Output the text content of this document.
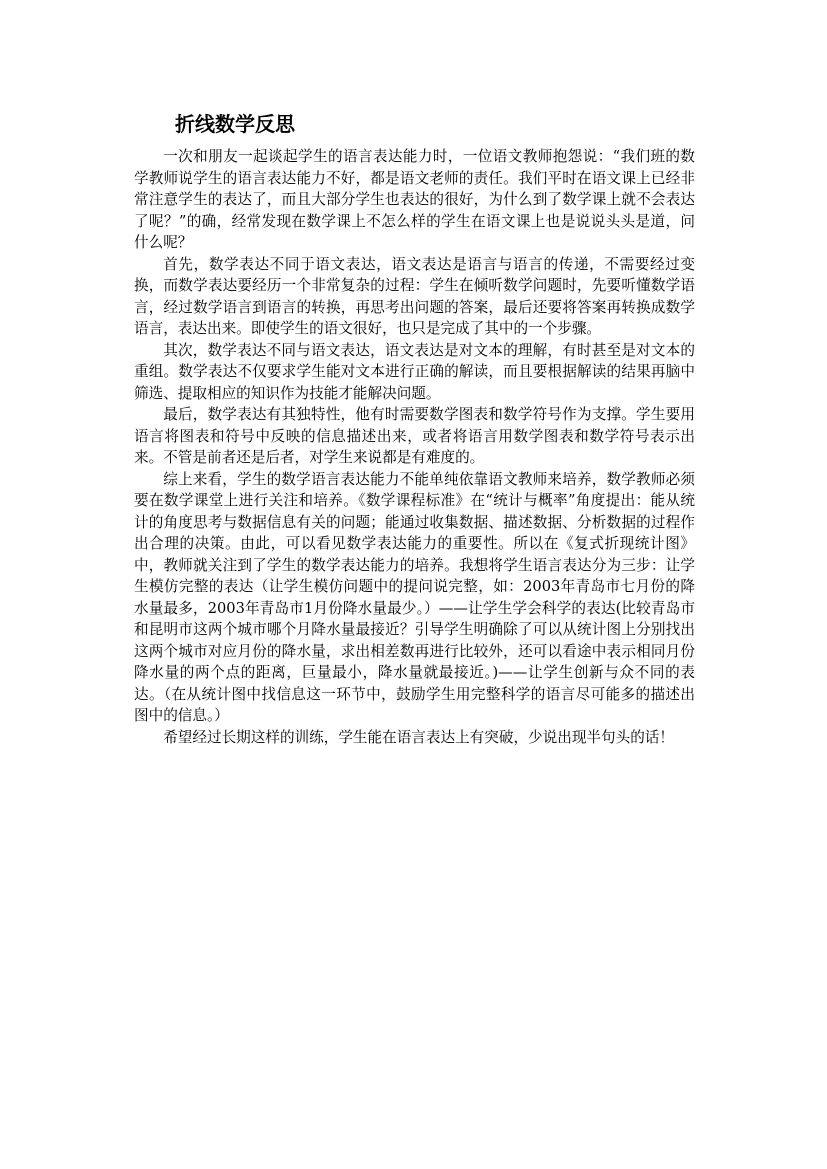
折线数学反思

一次和朋友一起谈起学生的语言表达能力时，一位语文教师抱怨说：“我们班的数学教师说学生的语言表达能力不好，都是语文老师的责任。我们平时在语文课上已经非常注意学生的表达了，而且大部分学生也表达的很好，为什么到了数学课上就不会表达了呢？”的确，经常发现在数学课上不怎么样的学生在语文课上也是说说头头是道，问什么呢？

首先，数学表达不同于语文表达，语文表达是语言与语言的传递，不需要经过变换，而数学表达要经历一个非常复杂的过程：学生在倾听数学问题时，先要听懂数学语言，经过数学语言到语言的转换，再思考出问题的答案，最后还要将答案再转换成数学语言，表达出来。即使学生的语文很好，也只是完成了其中的一个步骤。

其次，数学表达不同与语文表达，语文表达是对文本的理解，有时甚至是对文本的重组。数学表达不仅要求学生能对文本进行正确的解读，而且要根据解读的结果再脑中筛选、提取相应的知识作为技能才能解决问题。

最后，数学表达有其独特性，他有时需要数学图表和数学符号作为支撑。学生要用语言将图表和符号中反映的信息描述出来，或者将语言用数学图表和数学符号表示出来。不管是前者还是后者，对学生来说都是有难度的。

综上来看，学生的数学语言表达能力不能单纯依靠语文教师来培养，数学教师必须要在数学课堂上进行关注和培养。《数学课程标准》在“统计与概率”角度提出：能从统计的角度思考与数据信息有关的问题；能通过收集数据、描述数据、分析数据的过程作出合理的决策。由此，可以看见数学表达能力的重要性。所以在《复式折现统计图》中，教师就关注到了学生的数学表达能力的培养。我想将学生语言表达分为三步：让学生模仿完整的表达（让学生模仿问题中的提问说完整，如：2003年青岛市七月份的降水量最多，2003年青岛市1月份降水量最少。）——让学生学会科学的表达(比较青岛市和昆明市这两个城市哪个月降水量最接近？引导学生明确除了可以从统计图上分别找出这两个城市对应月份的降水量，求出相差数再进行比较外，还可以看途中表示相同月份降水量的两个点的距离，巨量最小，降水量就最接近。)——让学生创新与众不同的表达。（在从统计图中找信息这一环节中，鼓励学生用完整科学的语言尽可能多的描述出图中的信息。）

希望经过长期这样的训练，学生能在语言表达上有突破，少说出现半句头的话！
